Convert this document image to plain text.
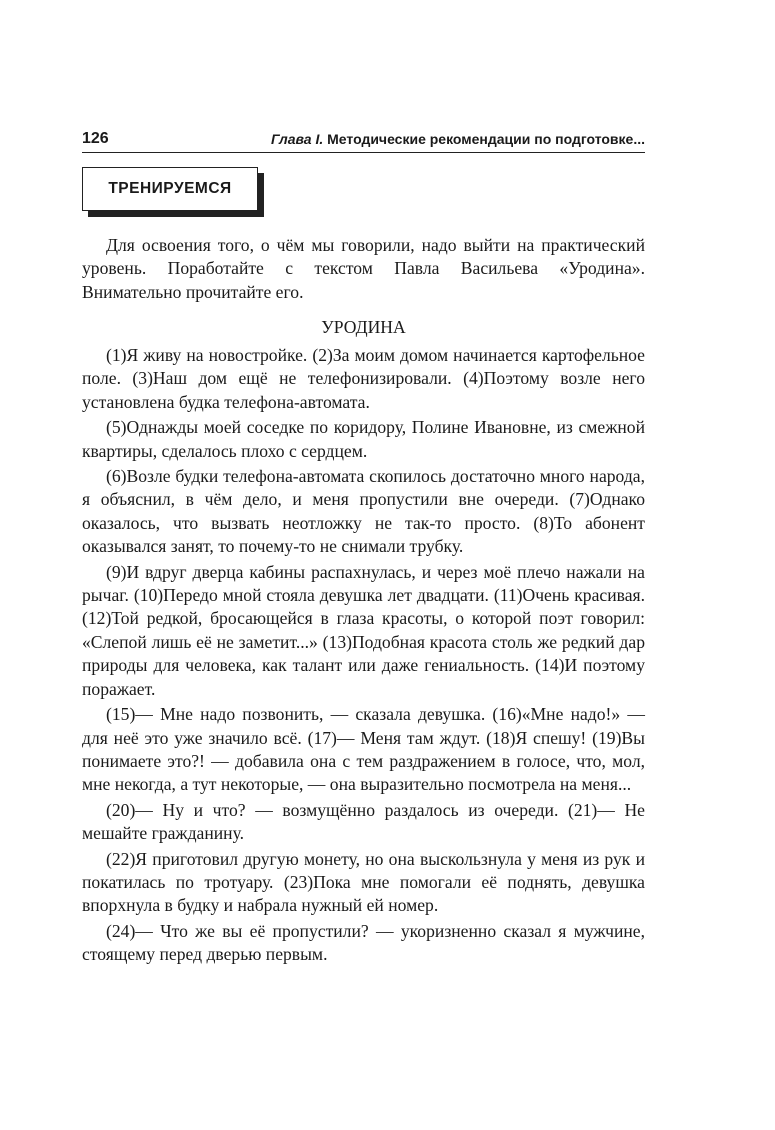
126	Глава I. Методические рекомендации по подготовке...
ТРЕНИРУЕМСЯ

Для освоения того, о чём мы говорили, надо выйти на практический уровень. Поработайте с текстом Павла Васильева «Уродина». Внимательно прочитайте его.

УРОДИНА

(1)Я живу на новостройке. (2)За моим домом начинается картофельное поле. (3)Наш дом ещё не телефонизировали. (4)Поэтому возле него установлена будка телефона-автомата.

(5)Однажды моей соседке по коридору, Полине Ивановне, из смежной квартиры, сделалось плохо с сердцем.

(6)Возле будки телефона-автомата скопилось достаточно много народа, я объяснил, в чём дело, и меня пропустили вне очереди. (7)Однако оказалось, что вызвать неотложку не так-то просто. (8)То абонент оказывался занят, то почему-то не снимали трубку.

(9)И вдруг дверца кабины распахнулась, и через моё плечо нажали на рычаг. (10)Передо мной стояла девушка лет двадцати. (11)Очень красивая. (12)Той редкой, бросающейся в глаза красоты, о которой поэт говорил: «Слепой лишь её не заметит...» (13)Подобная красота столь же редкий дар природы для человека, как талант или даже гениальность. (14)И поэтому поражает.

(15)— Мне надо позвонить, — сказала девушка. (16)«Мне надо!» — для неё это уже значило всё. (17)— Меня там ждут. (18)Я спешу! (19)Вы понимаете это?! — добавила она с тем раздражением в голосе, что, мол, мне некогда, а тут некоторые, — она выразительно посмотрела на меня...

(20)— Ну и что? — возмущённо раздалось из очереди. (21)— Не мешайте гражданину.

(22)Я приготовил другую монету, но она выскользнула у меня из рук и покатилась по тротуару. (23)Пока мне помогали её поднять, девушка впорхнула в будку и набрала нужный ей номер.

(24)— Что же вы её пропустили? — укоризненно сказал я мужчине, стоящему перед дверью первым.
